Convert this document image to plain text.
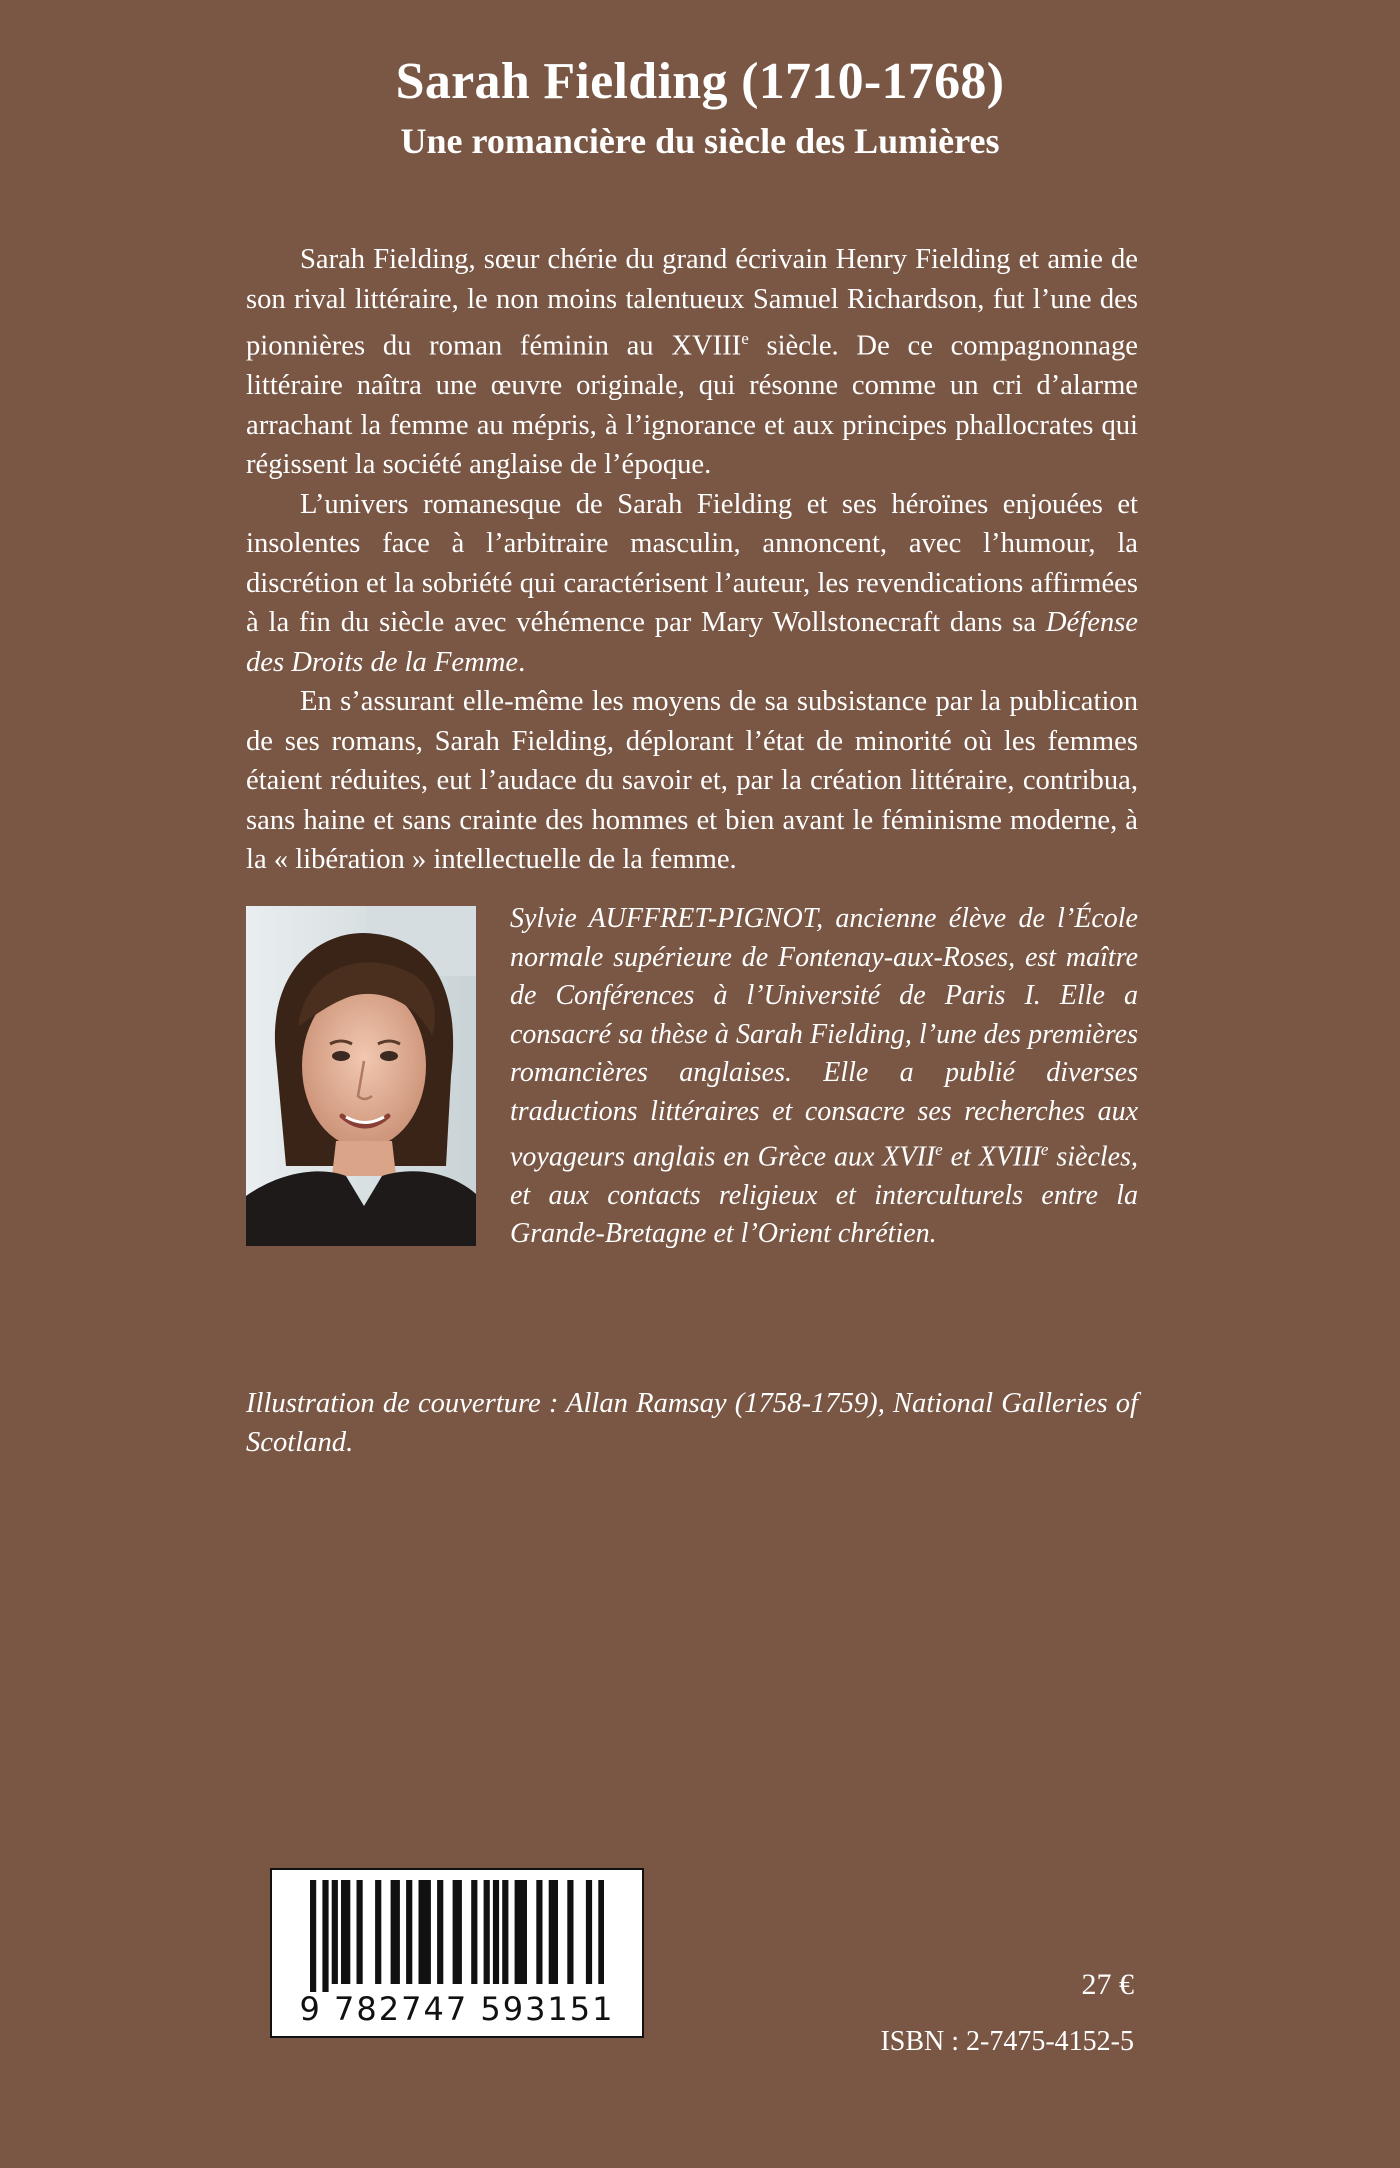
Sarah Fielding (1710-1768)
Une romancière du siècle des Lumières

Sarah Fielding, sœur chérie du grand écrivain Henry Fielding et amie de son rival littéraire, le non moins talentueux Samuel Richardson, fut l’une des pionnières du roman féminin au XVIIIe siècle. De ce compagnonnage littéraire naîtra une œuvre originale, qui résonne comme un cri d’alarme arrachant la femme au mépris, à l’ignorance et aux principes phallocrates qui régissent la société anglaise de l’époque.

L’univers romanesque de Sarah Fielding et ses héroïnes enjouées et insolentes face à l’arbitraire masculin, annoncent, avec l’humour, la discrétion et la sobriété qui caractérisent l’auteur, les revendications affirmées à la fin du siècle avec véhémence par Mary Wollstonecraft dans sa Défense des Droits de la Femme.

En s’assurant elle-même les moyens de sa subsistance par la publication de ses romans, Sarah Fielding, déplorant l’état de minorité où les femmes étaient réduites, eut l’audace du savoir et, par la création littéraire, contribua, sans haine et sans crainte des hommes et bien avant le féminisme moderne, à la « libération » intellectuelle de la femme.

Sylvie AUFFRET-PIGNOT, ancienne élève de l’École normale supérieure de Fontenay-aux-Roses, est maître de Conférences à l’Université de Paris I. Elle a consacré sa thèse à Sarah Fielding, l’une des premières romancières anglaises. Elle a publié diverses traductions littéraires et consacre ses recherches aux voyageurs anglais en Grèce aux XVIIe et XVIIIe siècles, et aux contacts religieux et interculturels entre la Grande-Bretagne et l’Orient chrétien.

Illustration de couverture : Allan Ramsay (1758-1759), National Galleries of Scotland.

9 782747 593151

27 €

ISBN : 2-7475-4152-5
